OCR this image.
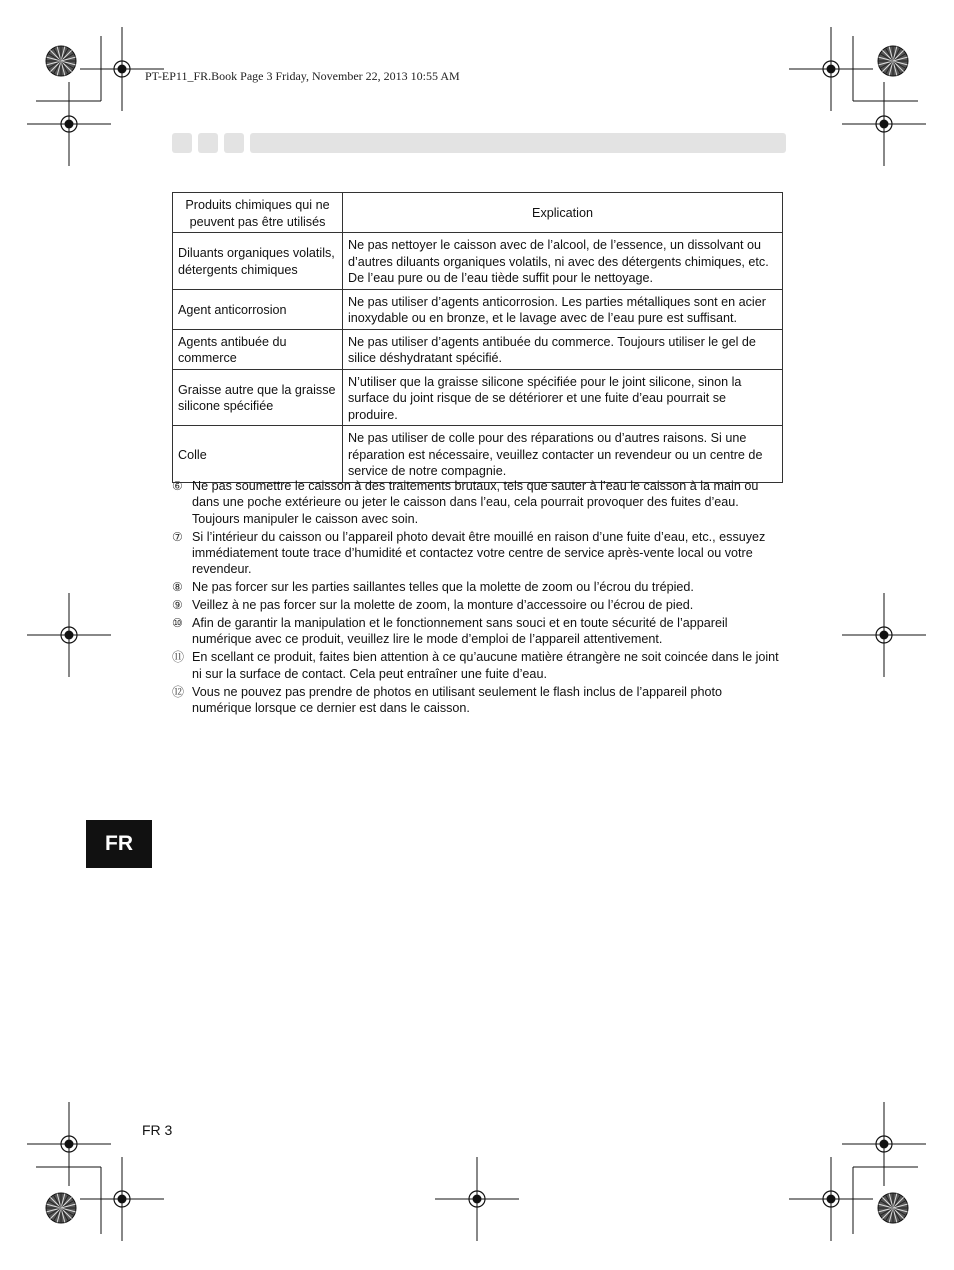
PT-EP11_FR.Book Page 3 Friday, November 22, 2013 10:55 AM
Produits chimiques qui ne peuvent pas être utilisés	Explication
Diluants organiques volatils, détergents chimiques	Ne pas nettoyer le caisson avec de l’alcool, de l’essence, un dissolvant ou d’autres diluants organiques volatils, ni avec des détergents chimiques, etc. De l’eau pure ou de l’eau tiède suffit pour le nettoyage.
Agent anticorrosion	Ne pas utiliser d’agents anticorrosion. Les parties métalliques sont en acier inoxydable ou en bronze, et le lavage avec de l’eau pure est suffisant.
Agents antibuée du commerce	Ne pas utiliser d’agents antibuée du commerce. Toujours utiliser le gel de silice déshydratant spécifié.
Graisse autre que la graisse silicone spécifiée	N’utiliser que la graisse silicone spécifiée pour le joint silicone, sinon la surface du joint risque de se détériorer et une fuite d’eau pourrait se produire.
Colle	Ne pas utiliser de colle pour des réparations ou d’autres raisons. Si une réparation est nécessaire, veuillez contacter un revendeur ou un centre de service de notre compagnie.
⑥ Ne pas soumettre le caisson à des traitements brutaux, tels que sauter à l’eau le caisson à la main ou dans une poche extérieure ou jeter le caisson dans l’eau, cela pourrait provoquer des fuites d’eau. Toujours manipuler le caisson avec soin.
⑦ Si l’intérieur du caisson ou l’appareil photo devait être mouillé en raison d’une fuite d’eau, etc., essuyez immédiatement toute trace d’humidité et contactez votre centre de service après-vente local ou votre revendeur.
⑧ Ne pas forcer sur les parties saillantes telles que la molette de zoom ou l’écrou du trépied.
⑨ Veillez à ne pas forcer sur la molette de zoom, la monture d’accessoire ou l’écrou de pied.
⑩ Afin de garantir la manipulation et le fonctionnement sans souci et en toute sécurité de l’appareil numérique avec ce produit, veuillez lire le mode d’emploi de l’appareil attentivement.
⑪ En scellant ce produit, faites bien attention à ce qu’aucune matière étrangère ne soit coincée dans le joint ni sur la surface de contact. Cela peut entraîner une fuite d’eau.
⑫ Vous ne pouvez pas prendre de photos en utilisant seulement le flash inclus de l’appareil photo numérique lorsque ce dernier est dans le caisson.
FR
FR 3
